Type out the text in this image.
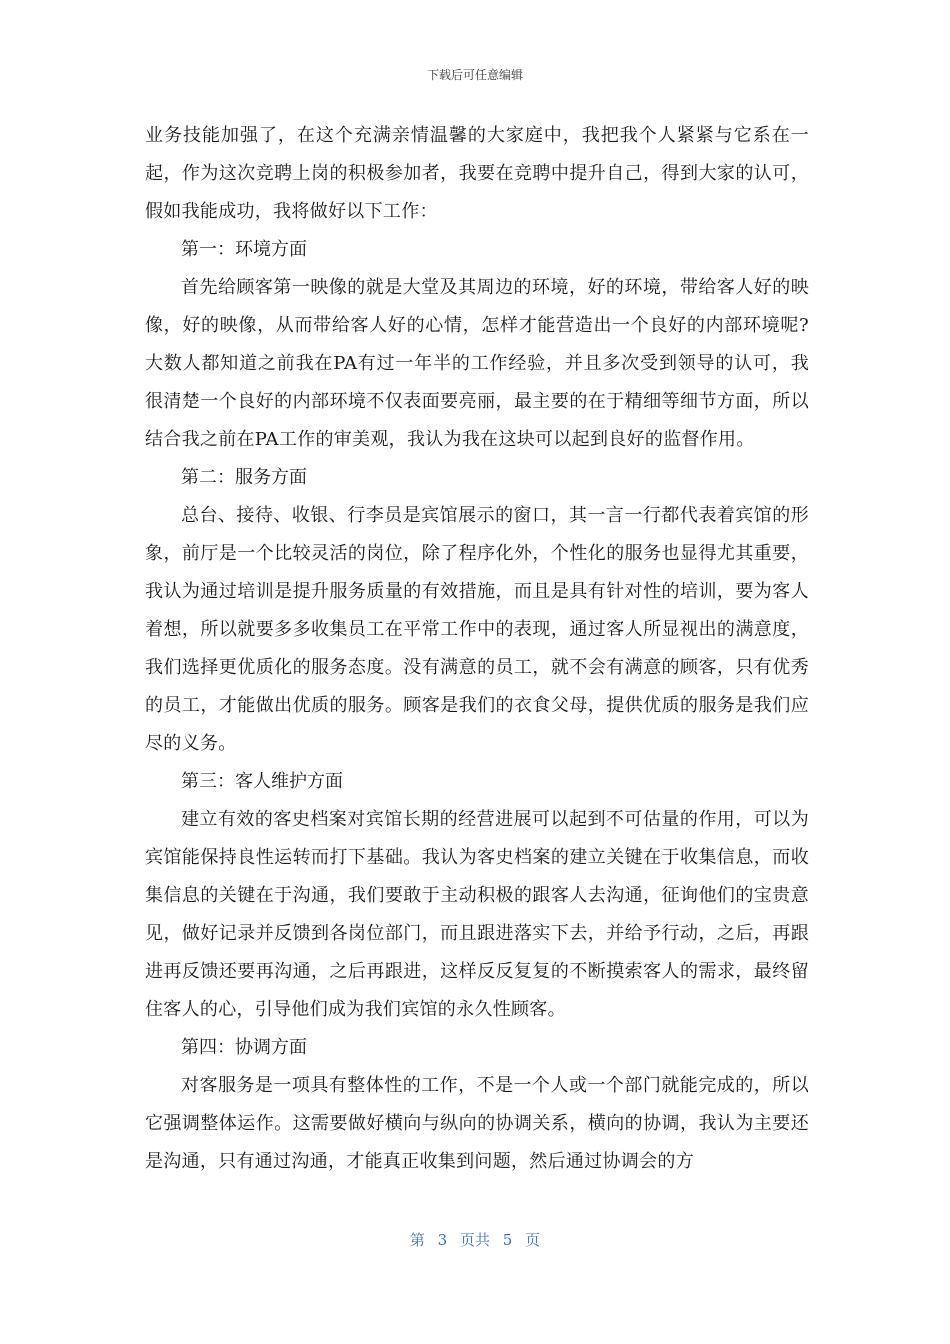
下载后可任意编辑

业务技能加强了，在这个充满亲情温馨的大家庭中，我把我个人紧紧与它系在一起，作为这次竞聘上岗的积极参加者，我要在竞聘中提升自己，得到大家的认可，假如我能成功，我将做好以下工作：

第一：环境方面

首先给顾客第一映像的就是大堂及其周边的环境，好的环境，带给客人好的映像，好的映像，从而带给客人好的心情，怎样才能营造出一个良好的内部环境呢?大数人都知道之前我在PA有过一年半的工作经验，并且多次受到领导的认可，我很清楚一个良好的内部环境不仅表面要亮丽，最主要的在于精细等细节方面，所以结合我之前在PA工作的审美观，我认为我在这块可以起到良好的监督作用。

第二：服务方面

总台、接待、收银、行李员是宾馆展示的窗口，其一言一行都代表着宾馆的形象，前厅是一个比较灵活的岗位，除了程序化外，个性化的服务也显得尤其重要，我认为通过培训是提升服务质量的有效措施，而且是具有针对性的培训，要为客人着想，所以就要多多收集员工在平常工作中的表现，通过客人所显视出的满意度，我们选择更优质化的服务态度。没有满意的员工，就不会有满意的顾客，只有优秀的员工，才能做出优质的服务。顾客是我们的衣食父母，提供优质的服务是我们应尽的义务。

第三：客人维护方面

建立有效的客史档案对宾馆长期的经营进展可以起到不可估量的作用，可以为宾馆能保持良性运转而打下基础。我认为客史档案的建立关键在于收集信息，而收集信息的关键在于沟通，我们要敢于主动积极的跟客人去沟通，征询他们的宝贵意见，做好记录并反馈到各岗位部门，而且跟进落实下去，并给予行动，之后，再跟进再反馈还要再沟通，之后再跟进，这样反反复复的不断摸索客人的需求，最终留住客人的心，引导他们成为我们宾馆的永久性顾客。

第四：协调方面

对客服务是一项具有整体性的工作，不是一个人或一个部门就能完成的，所以它强调整体运作。这需要做好横向与纵向的协调关系，横向的协调，我认为主要还是沟通，只有通过沟通，才能真正收集到问题，然后通过协调会的方

第 3 页共 5 页
